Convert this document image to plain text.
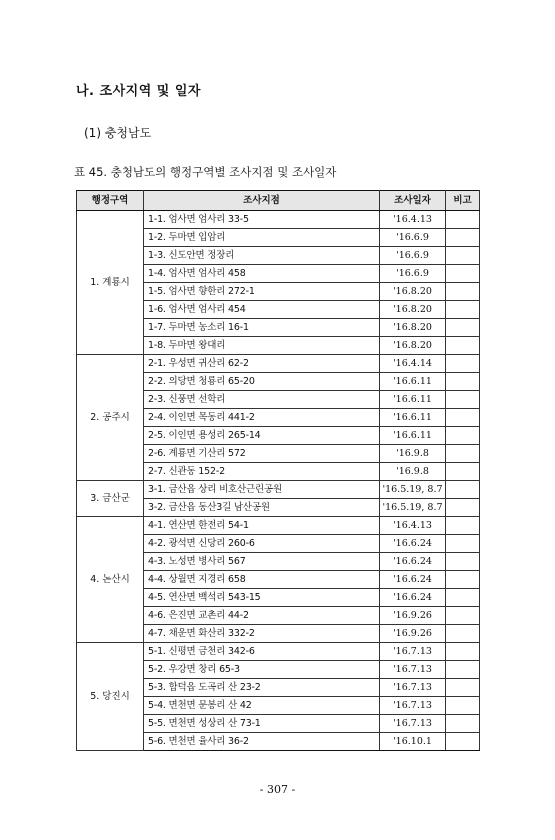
나. 조사지역 및 일자
(1) 충청남도
표 45. 충청남도의 행정구역별 조사지점 및 조사일자
- 307 -
행정구역	조사지점	조사일자	비고
1. 계룡시	1-1. 엄사면 엄사리 33-5	'16.4.13	
	1-2. 두마면 입암리	'16.6.9	
	1-3. 신도안면 정장리	'16.6.9	
	1-4. 엄사면 엄사리 458	'16.6.9	
	1-5. 엄사면 향한리 272-1	'16.8.20	
	1-6. 엄사면 엄사리 454	'16.8.20	
	1-7. 두마면 농소리 16-1	'16.8.20	
	1-8. 두마면 왕대리	'16.8.20	
2. 공주시	2-1. 우성면 귀산리 62-2	'16.4.14	
	2-2. 의당면 청룡리 65-20	'16.6.11	
	2-3. 신풍면 선학리	'16.6.11	
	2-4. 이인면 목동리 441-2	'16.6.11	
	2-5. 이인면 용성리 265-14	'16.6.11	
	2-6. 계룡면 기산리 572	'16.9.8	
	2-7. 신관동 152-2	'16.9.8	
3. 금산군	3-1. 금산읍 상리 비호산근린공원	'16.5.19, 8.7	
	3-2. 금산읍 동산3길 남산공원	'16.5.19, 8.7	
4. 논산시	4-1. 연산면 한전리 54-1	'16.4.13	
	4-2. 광석면 신당리 260-6	'16.6.24	
	4-3. 노성면 병사리 567	'16.6.24	
	4-4. 상월면 지경리 658	'16.6.24	
	4-5. 연산면 백석리 543-15	'16.6.24	
	4-6. 은진면 교촌리 44-2	'16.9.26	
	4-7. 채운면 화산리 332-2	'16.9.26	
5. 당진시	5-1. 신평면 금천리 342-6	'16.7.13	
	5-2. 우강면 창리 65-3	'16.7.13	
	5-3. 합덕읍 도곡리 산 23-2	'16.7.13	
	5-4. 면천면 문봉리 산 42	'16.7.13	
	5-5. 면천면 성상리 산 73-1	'16.7.13	
	5-6. 면천면 율사리 36-2	'16.10.1	
